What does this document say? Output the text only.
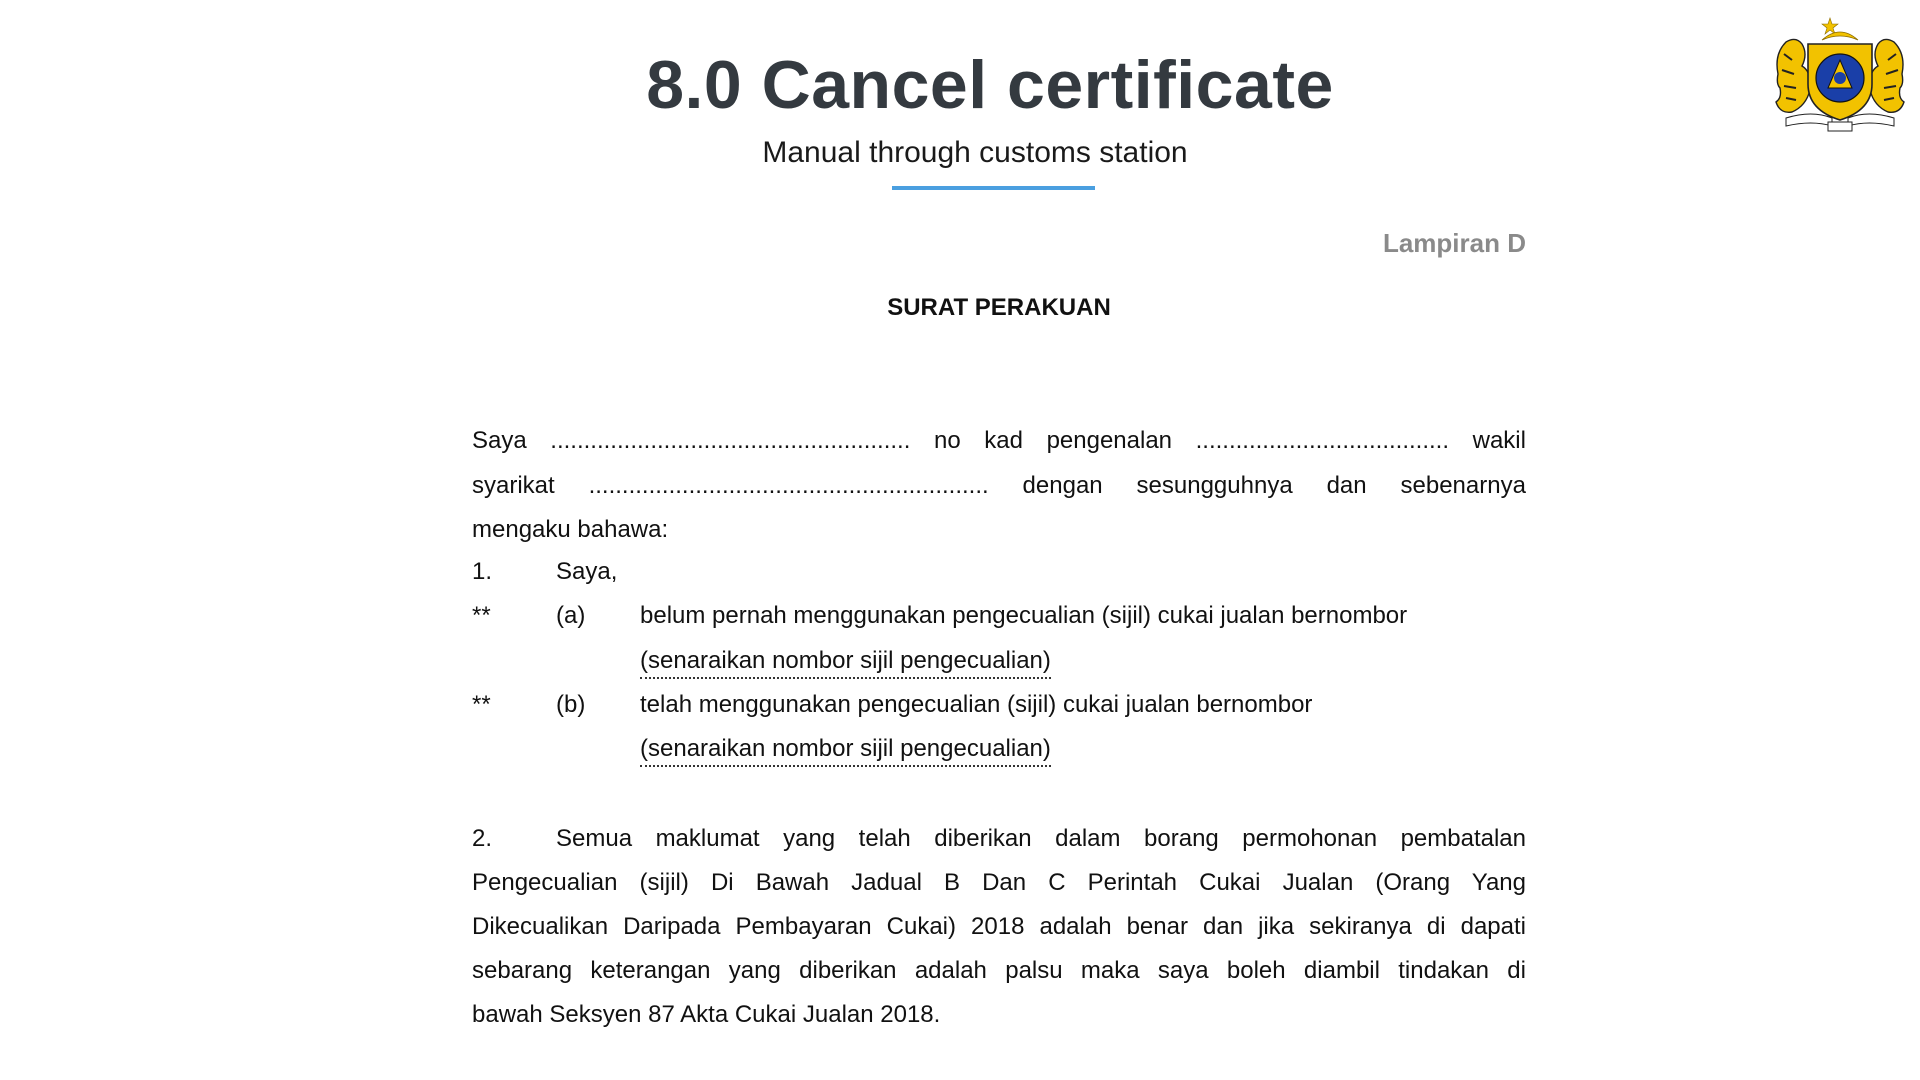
8.0 Cancel certificate
Manual through customs station
Lampiran D
SURAT PERAKUAN
Saya ...................................................... no kad pengenalan ...................................... wakil
syarikat ............................................................ dengan sesungguhnya dan sebenarnya
mengaku bahawa:
1.	Saya,
**	(a) belum pernah menggunakan pengecualian (sijil) cukai jualan bernombor
(senaraikan nombor sijil pengecualian)
**	(b) telah menggunakan pengecualian (sijil) cukai jualan bernombor
(senaraikan nombor sijil pengecualian)
2.	Semua maklumat yang telah diberikan dalam borang permohonan pembatalan
Pengecualian (sijil) Di Bawah Jadual B Dan C Perintah Cukai Jualan (Orang Yang
Dikecualikan Daripada Pembayaran Cukai) 2018 adalah benar dan jika sekiranya di dapati
sebarang keterangan yang diberikan adalah palsu maka saya boleh diambil tindakan di
bawah Seksyen 87 Akta Cukai Jualan 2018.
